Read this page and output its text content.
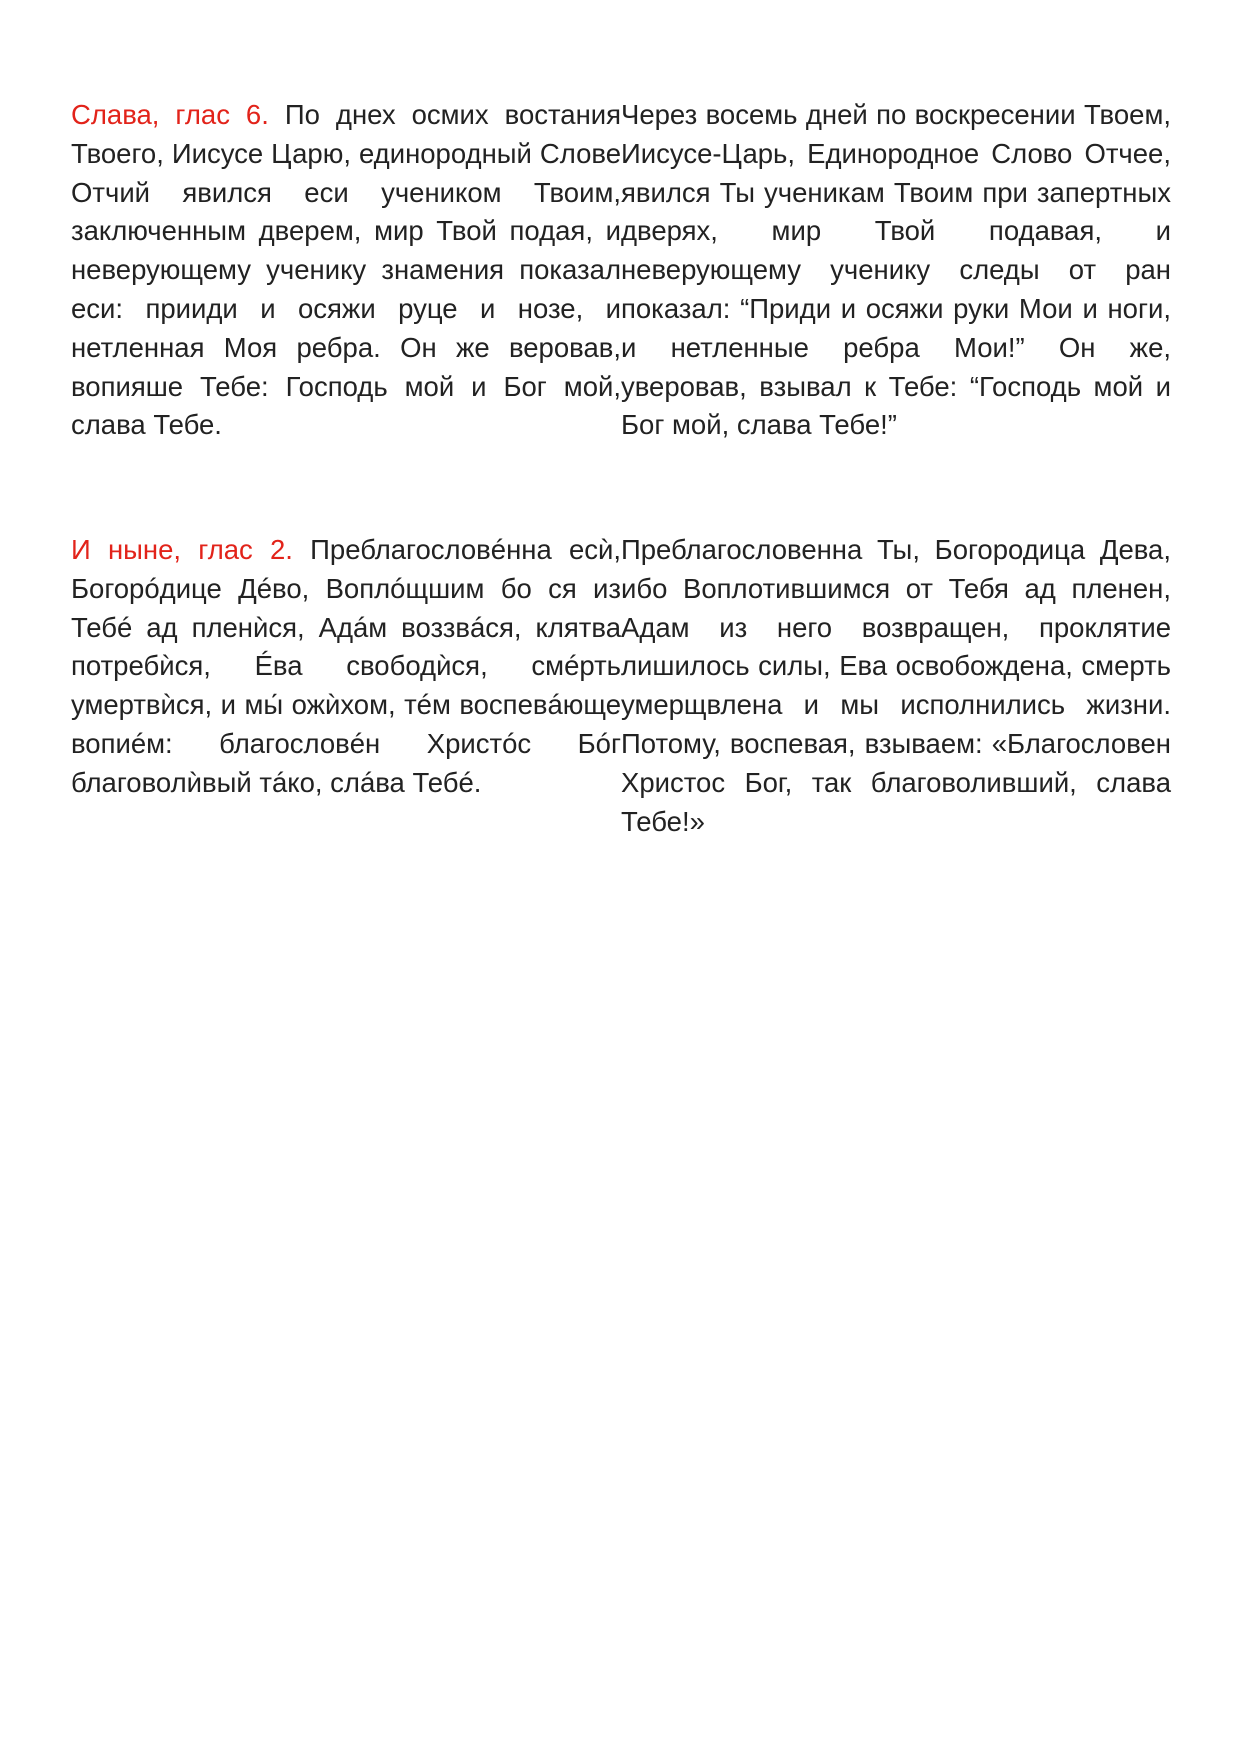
Слава, глас 6. По днех осмих востания Твоего, Иисусе Царю, единородный Слове Отчий явился еси учеником Твоим, заключенным дверем, мир Твой подая, и неверующему ученику знамения показал еси: прииди и осяжи руце и нозе, и нетленная Моя ребра. Он же веровав, вопияше Тебе: Господь мой и Бог мой, слава Тебе.

Через восемь дней по воскресении Твоем, Иисусе-Царь, Единородное Слово Отчее, явился Ты ученикам Твоим при запертных дверях, мир Твой подавая, и неверующему ученику следы от ран показал: “Приди и осяжи руки Мои и ноги, и нетленные ребра Мои!” Он же, уверовав, взывал к Тебе: “Господь мой и Бог мой, слава Тебе!”

И ныне, глас 2. Преблагословéнна есѝ, Богорóдице Дéво, Воплóщшим бо ся из Тебé ад пленѝся, Адáм воззвáся, клятва потребѝся, Éва свободѝся, смéрть умертвѝся, и мы́ ожѝхом, тéм воспевáюще вопиéм: благословéн Христóс Бóг благоволѝвый тáко, слáва Тебé.

Преблагословенна Ты, Богородица Дева, ибо Воплотившимся от Тебя ад пленен, Адам из него возвращен, проклятие лишилось силы, Ева освобождена, смерть умерщвлена и мы исполнились жизни. Потому, воспевая, взываем: «Благословен Христос Бог, так благоволивший, слава Тебе!»
